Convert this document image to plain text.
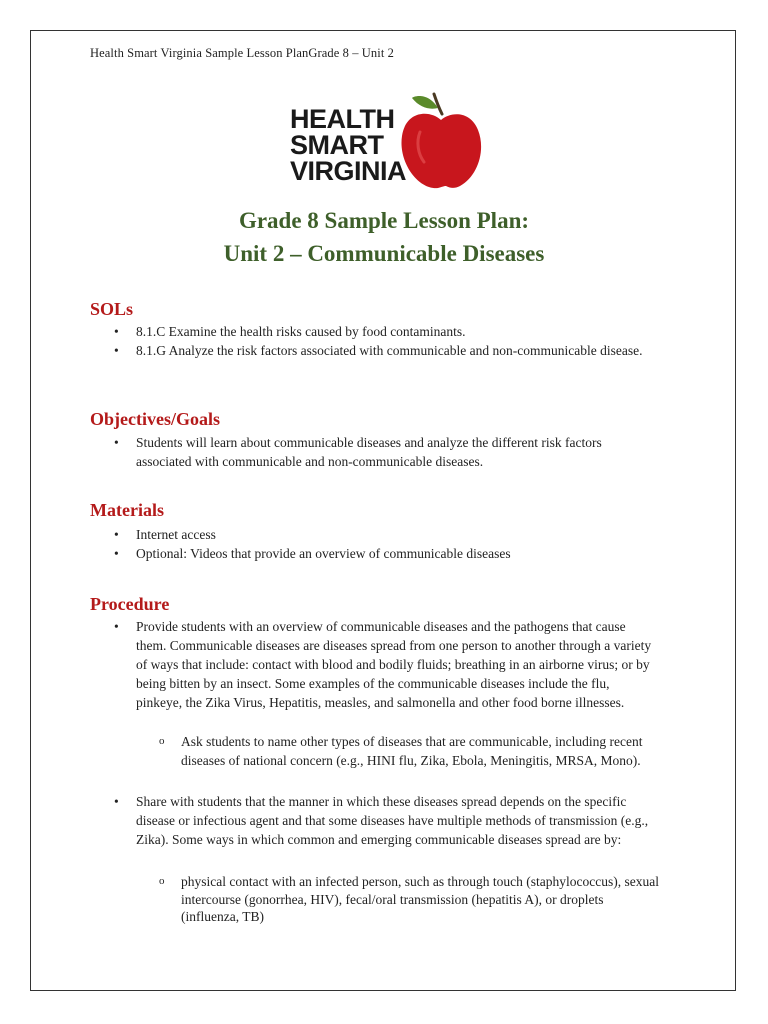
Health Smart Virginia Sample Lesson PlanGrade 8 – Unit 2
HEALTH
SMART
VIRGINIA
Grade 8 Sample Lesson Plan:
Unit 2 – Communicable Diseases
SOLs
• 8.1.C Examine the health risks caused by food contaminants.
• 8.1.G Analyze the risk factors associated with communicable and non-communicable disease.
Objectives/Goals
• Students will learn about communicable diseases and analyze the different risk factors associated with communicable and non-communicable diseases.
Materials
• Internet access
• Optional: Videos that provide an overview of communicable diseases
Procedure
• Provide students with an overview of communicable diseases and the pathogens that cause them. Communicable diseases are diseases spread from one person to another through a variety of ways that include: contact with blood and bodily fluids; breathing in an airborne virus; or by being bitten by an insect. Some examples of the communicable diseases include the flu, pinkeye, the Zika Virus, Hepatitis, measles, and salmonella and other food borne illnesses.
o Ask students to name other types of diseases that are communicable, including recent diseases of national concern (e.g., HINI flu, Zika, Ebola, Meningitis, MRSA, Mono).
• Share with students that the manner in which these diseases spread depends on the specific disease or infectious agent and that some diseases have multiple methods of transmission (e.g., Zika). Some ways in which common and emerging communicable diseases spread are by:
o physical contact with an infected person, such as through touch (staphylococcus), sexual intercourse (gonorrhea, HIV), fecal/oral transmission (hepatitis A), or droplets (influenza, TB)
